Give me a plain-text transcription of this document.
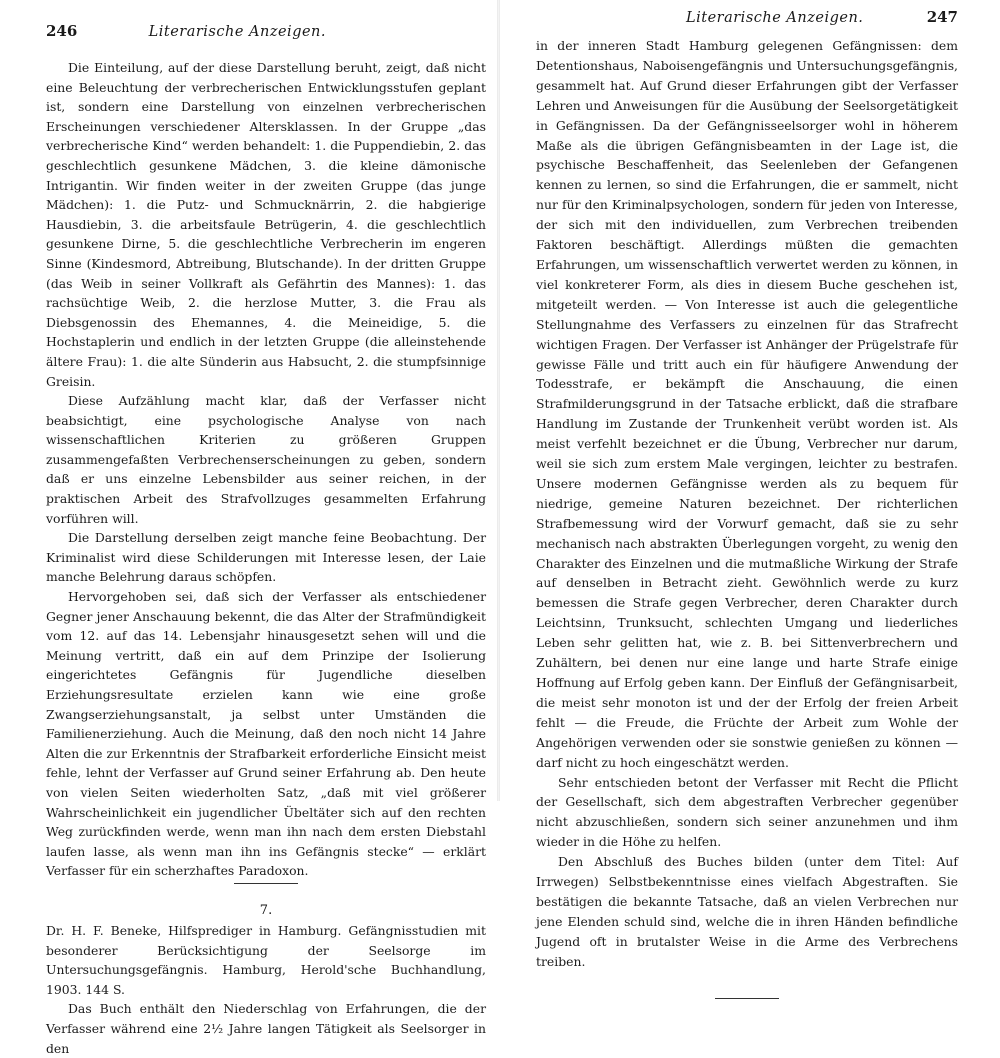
246	Literarische Anzeigen.

Die Einteilung, auf der diese Darstellung beruht, zeigt, daß nicht eine Beleuchtung der verbrecherischen Entwicklungsstufen geplant ist, sondern eine Darstellung von einzelnen verbrecherischen Erscheinungen verschiedener Altersklassen. In der Gruppe „das verbrecherische Kind“ werden behandelt: 1. die Puppendiebin, 2. das geschlechtlich gesunkene Mädchen, 3. die kleine dämonische Intrigantin. Wir finden weiter in der zweiten Gruppe (das junge Mädchen): 1. die Putz- und Schmucknärrin, 2. die habgierige Hausdiebin, 3. die arbeitsfaule Betrügerin, 4. die geschlechtlich gesunkene Dirne, 5. die geschlechtliche Verbrecherin im engeren Sinne (Kindesmord, Abtreibung, Blutschande). In der dritten Gruppe (das Weib in seiner Vollkraft als Gefährtin des Mannes): 1. das rachsüchtige Weib, 2. die herzlose Mutter, 3. die Frau als Diebsgenossin des Ehemannes, 4. die Meineidige, 5. die Hochstaplerin und endlich in der letzten Gruppe (die alleinstehende ältere Frau): 1. die alte Sünderin aus Habsucht, 2. die stumpfsinnige Greisin.

Diese Aufzählung macht klar, daß der Verfasser nicht beabsichtigt, eine psychologische Analyse von nach wissenschaftlichen Kriterien zu größeren Gruppen zusammengefaßten Verbrechenserscheinungen zu geben, sondern daß er uns einzelne Lebensbilder aus seiner reichen, in der praktischen Arbeit des Strafvollzuges gesammelten Erfahrung vorführen will.

Die Darstellung derselben zeigt manche feine Beobachtung. Der Kriminalist wird diese Schilderungen mit Interesse lesen, der Laie manche Belehrung daraus schöpfen.

Hervorgehoben sei, daß sich der Verfasser als entschiedener Gegner jener Anschauung bekennt, die das Alter der Strafmündigkeit vom 12. auf das 14. Lebensjahr hinausgesetzt sehen will und die Meinung vertritt, daß ein auf dem Prinzipe der Isolierung eingerichtetes Gefängnis für Jugendliche dieselben Erziehungsresultate erzielen kann wie eine große Zwangserziehungsanstalt, ja selbst unter Umständen die Familienerziehung. Auch die Meinung, daß den noch nicht 14 Jahre Alten die zur Erkenntnis der Strafbarkeit erforderliche Einsicht meist fehle, lehnt der Verfasser auf Grund seiner Erfahrung ab. Den heute von vielen Seiten wiederholten Satz, „daß mit viel größerer Wahrscheinlichkeit ein jugendlicher Übeltäter sich auf den rechten Weg zurückfinden werde, wenn man ihn nach dem ersten Diebstahl laufen lasse, als wenn man ihn ins Gefängnis stecke“ — erklärt Verfasser für ein scherzhaftes Paradoxon.

7.

Dr. H. F. Beneke, Hilfsprediger in Hamburg. Gefängnisstudien mit besonderer Berücksichtigung der Seelsorge im Untersuchungsgefängnis. Hamburg, Herold'sche Buchhandlung, 1903. 144 S.

Das Buch enthält den Niederschlag von Erfahrungen, die der Verfasser während eine 2½ Jahre langen Tätigkeit als Seelsorger in den

Literarische Anzeigen.	247

in der inneren Stadt Hamburg gelegenen Gefängnissen: dem Detentionshaus, Naboisengefängnis und Untersuchungsgefängnis, gesammelt hat. Auf Grund dieser Erfahrungen gibt der Verfasser Lehren und Anweisungen für die Ausübung der Seelsorgetätigkeit in Gefängnissen. Da der Gefängnisseelsorger wohl in höherem Maße als die übrigen Gefängnisbeamten in der Lage ist, die psychische Beschaffenheit, das Seelenleben der Gefangenen kennen zu lernen, so sind die Erfahrungen, die er sammelt, nicht nur für den Kriminalpsychologen, sondern für jeden von Interesse, der sich mit den individuellen, zum Verbrechen treibenden Faktoren beschäftigt. Allerdings müßten die gemachten Erfahrungen, um wissenschaftlich verwertet werden zu können, in viel konkreterer Form, als dies in diesem Buche geschehen ist, mitgeteilt werden. — Von Interesse ist auch die gelegentliche Stellungnahme des Verfassers zu einzelnen für das Strafrecht wichtigen Fragen. Der Verfasser ist Anhänger der Prügelstrafe für gewisse Fälle und tritt auch ein für häufigere Anwendung der Todesstrafe, er bekämpft die Anschauung, die einen Strafmilderungsgrund in der Tatsache erblickt, daß die strafbare Handlung im Zustande der Trunkenheit verübt worden ist. Als meist verfehlt bezeichnet er die Übung, Verbrecher nur darum, weil sie sich zum erstem Male vergingen, leichter zu bestrafen. Unsere modernen Gefängnisse werden als zu bequem für niedrige, gemeine Naturen bezeichnet. Der richterlichen Strafbemessung wird der Vorwurf gemacht, daß sie zu sehr mechanisch nach abstrakten Überlegungen vorgeht, zu wenig den Charakter des Einzelnen und die mutmaßliche Wirkung der Strafe auf denselben in Betracht zieht. Gewöhnlich werde zu kurz bemessen die Strafe gegen Verbrecher, deren Charakter durch Leichtsinn, Trunksucht, schlechten Umgang und liederliches Leben sehr gelitten hat, wie z. B. bei Sittenverbrechern und Zuhältern, bei denen nur eine lange und harte Strafe einige Hoffnung auf Erfolg geben kann. Der Einfluß der Gefängnisarbeit, die meist sehr monoton ist und der der Erfolg der freien Arbeit fehlt — die Freude, die Früchte der Arbeit zum Wohle der Angehörigen verwenden oder sie sonstwie genießen zu können — darf nicht zu hoch eingeschätzt werden.

Sehr entschieden betont der Verfasser mit Recht die Pflicht der Gesellschaft, sich dem abgestraften Verbrecher gegenüber nicht abzuschließen, sondern sich seiner anzunehmen und ihm wieder in die Höhe zu helfen.

Den Abschluß des Buches bilden (unter dem Titel: Auf Irrwegen) Selbstbekenntnisse eines vielfach Abgestraften. Sie bestätigen die bekannte Tatsache, daß an vielen Verbrechen nur jene Elenden schuld sind, welche die in ihren Händen befindliche Jugend oft in brutalster Weise in die Arme des Verbrechens treiben.
